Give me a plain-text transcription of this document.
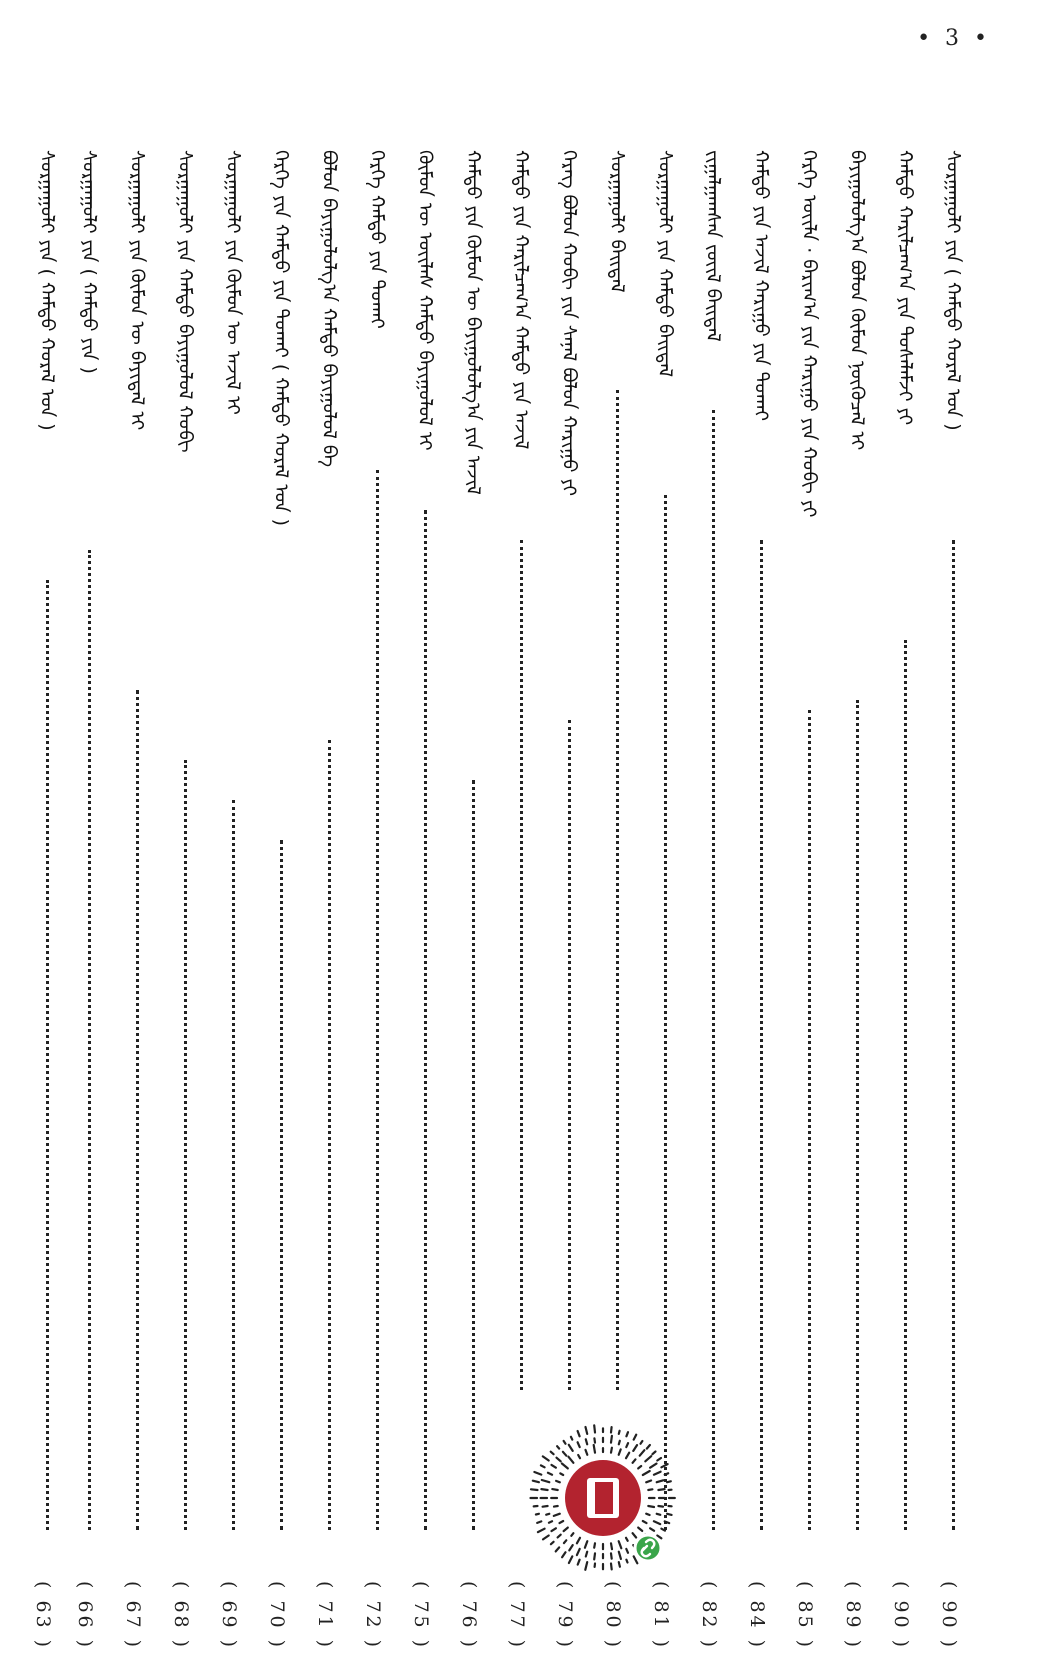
• 3 •
ᠰᠤᠷᠭᠠᠭᠤᠯᠢ ᠶᠢᠨ ( ᠬᠠᠮᠲᠤ ᠬᠤᠷᠠᠯ ᠤᠨ )
( 90 )
ᠬᠠᠮᠲᠤ ᠬᠠᠷᠢᠯᠴᠠᠭ᠎ᠠ ᠶᠢᠨ ᠲᠤᠰᠠᠯᠠᠮᠵᠢ ᠶᠢ
( 90 )
ᠪᠠᠶᠢᠭᠤᠯᠤᠯᠭ᠎ᠠ ᠪᠤᠯᠤᠨ ᠬᠦᠮᠦᠨ ᠨᠥᠭᠦᠴᠡᠯ ᠢ
( 89 )
ᠬᠡᠷᠭᠡ ᠦᠢᠯᠡ · ᠪᠠᠷᠢᠭ᠎ᠠ ᠶᠢᠨ ᠬᠠᠷᠢᠭᠤ ᠶᠢᠨ ᠬᠤᠪᠢ ᠶᠢ
( 85 )
ᠬᠠᠮᠲᠤ ᠶᠢᠨ ᠠᠵᠢᠯ ᠬᠠᠷᠢᠭᠤ ᠶᠢᠨ ᠲᠤᠬᠠᠢ
( 84 )
ᠵᠢᠭᠠᠯᠭᠠᠭᠰᠠᠨ ᠵᠦᠢᠯ ᠪᠠᠢᠳᠠᠯ
( 82 )
ᠰᠤᠷᠭᠠᠭᠤᠯᠢ ᠶᠢᠨ ᠬᠠᠮᠲᠤ ᠪᠠᠢᠳᠠᠯ
( 81 )
ᠰᠤᠷᠭᠠᠭᠤᠯᠢ ᠪᠠᠢᠳᠠᠯ
( 80 )
ᠬᠡᠷᠡᠭ ᠪᠤᠯᠤᠨ ᠬᠤᠪᠢ ᠶᠢᠨ ᠰᠠᠨᠠᠯ ᠪᠤᠯᠤᠨ ᠬᠠᠷᠢᠭᠤ ᠶᠢ
( 79 )
ᠬᠠᠮᠲᠤ ᠶᠢᠨ ᠬᠠᠷᠢᠯᠴᠠᠭ᠎ᠠ ᠬᠠᠮᠲᠤ ᠶᠢᠨ ᠠᠵᠢᠯ
( 77 )
ᠬᠠᠮᠲᠤ ᠶᠢᠨ ᠬᠦᠮᠦᠨ ᠦ ᠪᠠᠶᠢᠭᠤᠯᠤᠯᠭ᠎ᠠ ᠶᠢᠨ ᠠᠵᠢᠯ
( 76 )
ᠬᠦᠮᠦᠨ ᠦ ᠦᠢᠯᠡᠰ ᠬᠠᠮᠲᠤ ᠪᠠᠶᠢᠭᠤᠯᠤᠯ ᠢ
( 75 )
ᠬᠡᠷᠭᠡ ᠬᠠᠮᠲᠤ ᠶᠢᠨ ᠲᠤᠬᠠᠢ
( 72 )
ᠪᠤᠯᠤᠨ ᠪᠠᠶᠢᠭᠤᠯᠤᠯᠭ᠎ᠠ ᠬᠠᠮᠲᠤ ᠪᠠᠶᠢᠭᠤᠯᠤᠯ ᠪᠠ
( 71 )
ᠬᠡᠷᠭᠡ ᠶᠢᠨ ᠬᠠᠮᠲᠤ ᠶᠢᠨ ᠲᠤᠬᠠᠢ ( ᠬᠠᠮᠲᠤ ᠬᠤᠷᠠᠯ ᠤᠨ )
( 70 )
ᠰᠤᠷᠭᠠᠭᠤᠯᠢ ᠶᠢᠨ ᠬᠦᠮᠦᠨ ᠦ ᠠᠵᠢᠯ ᠢ
( 69 )
ᠰᠤᠷᠭᠠᠭᠤᠯᠢ ᠶᠢᠨ ᠬᠠᠮᠲᠤ ᠪᠠᠶᠢᠭᠤᠯᠤᠯ ᠬᠤᠪᠢ
( 68 )
ᠰᠤᠷᠭᠠᠭᠤᠯᠢ ᠶᠢᠨ ᠬᠦᠮᠦᠨ ᠦ ᠪᠠᠶᠢᠳᠠᠯ ᠢ
( 67 )
ᠰᠤᠷᠭᠠᠭᠤᠯᠢ ᠶᠢᠨ ( ᠬᠠᠮᠲᠤ ᠶᠢᠨ )
( 66 )
ᠰᠤᠷᠭᠠᠭᠤᠯᠢ ᠶᠢᠨ ( ᠬᠠᠮᠲᠤ ᠬᠤᠷᠠᠯ ᠤᠨ )
( 63 )
